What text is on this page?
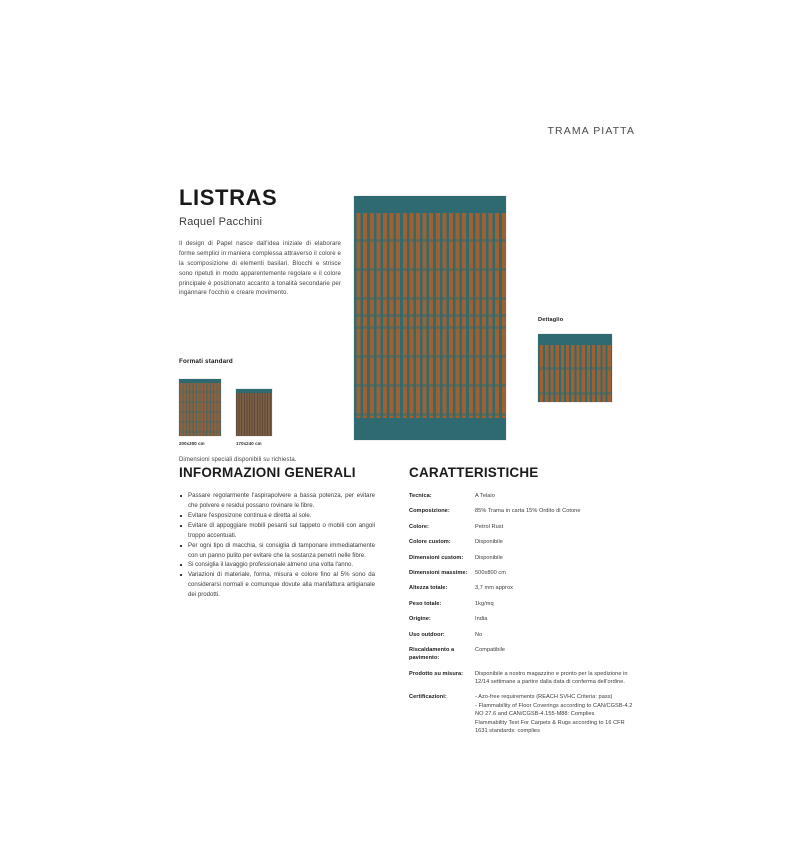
TRAMA PIATTA
LISTRAS
Raquel Pacchini
Il design di Papel nasce dall'idea iniziale di elaborare forme semplici in maniera complessa attraverso il colore e la scomposizione di elementi basilari. Blocchi e strisce sono ripetuti in modo apparentemente regolare e il colore principale è posizionato accanto a tonalità secondarie per ingannare l'occhio e creare movimento.
Dettaglio
Formati standard
200x300 cm	170x240 cm
Dimensioni speciali disponibili su richiesta.
INFORMAZIONI GENERALI
Passare regolarmente l'aspirapolvere a bassa potenza, per evitare che polvere e residui possano rovinare le fibre.
Evitare l'esposizone continua e diretta al sole.
Evitare di appoggiare mobili pesanti sul tappeto o mobili con angoli troppo accentuati.
Per ogni tipo di macchia, si consiglia di tamponare immediatamente con un panno pulito per evitare che la sostanza penetri nelle fibre.
Si consiglia il lavaggio professionale almeno una volta l'anno.
Variazioni di materiale, forma, misura e colore fino al 5% sono da considerarsi normali e comunque dovute alla manifattura artigianale dei prodotti.
CARATTERISTICHE
Tecnica:	A Telaio
Composizione:	85% Trama in carta 15% Ordito di Cotone
Colore:	Petrol Rust
Colore custom:	Disponibile
Dimensioni custom:	Disponibile
Dimensioni massime:	500x800 cm
Altezza totale:	3,7 mm approx
Peso totale:	1kg/mq
Origine:	India
Uso outdoor:	No
Riscaldamento a pavimento:	Compatibile
Prodotto su misura:	Disponibile a nostro magazzino e pronto per la spedizione in 12/14 settimane a partire dalla data di conferma dell'ordine.
Certificazioni:	- Azo-free requirements (REACH SVHC Criteria: pass)
- Flammability of Floor Coverings according to CAN/CGSB-4.2 NO 27.6 and CAN/CGSB-4.155-M88: Complies
Flammability Test For Carpets & Rugs according to 16 CFR 1631 standards: complies
